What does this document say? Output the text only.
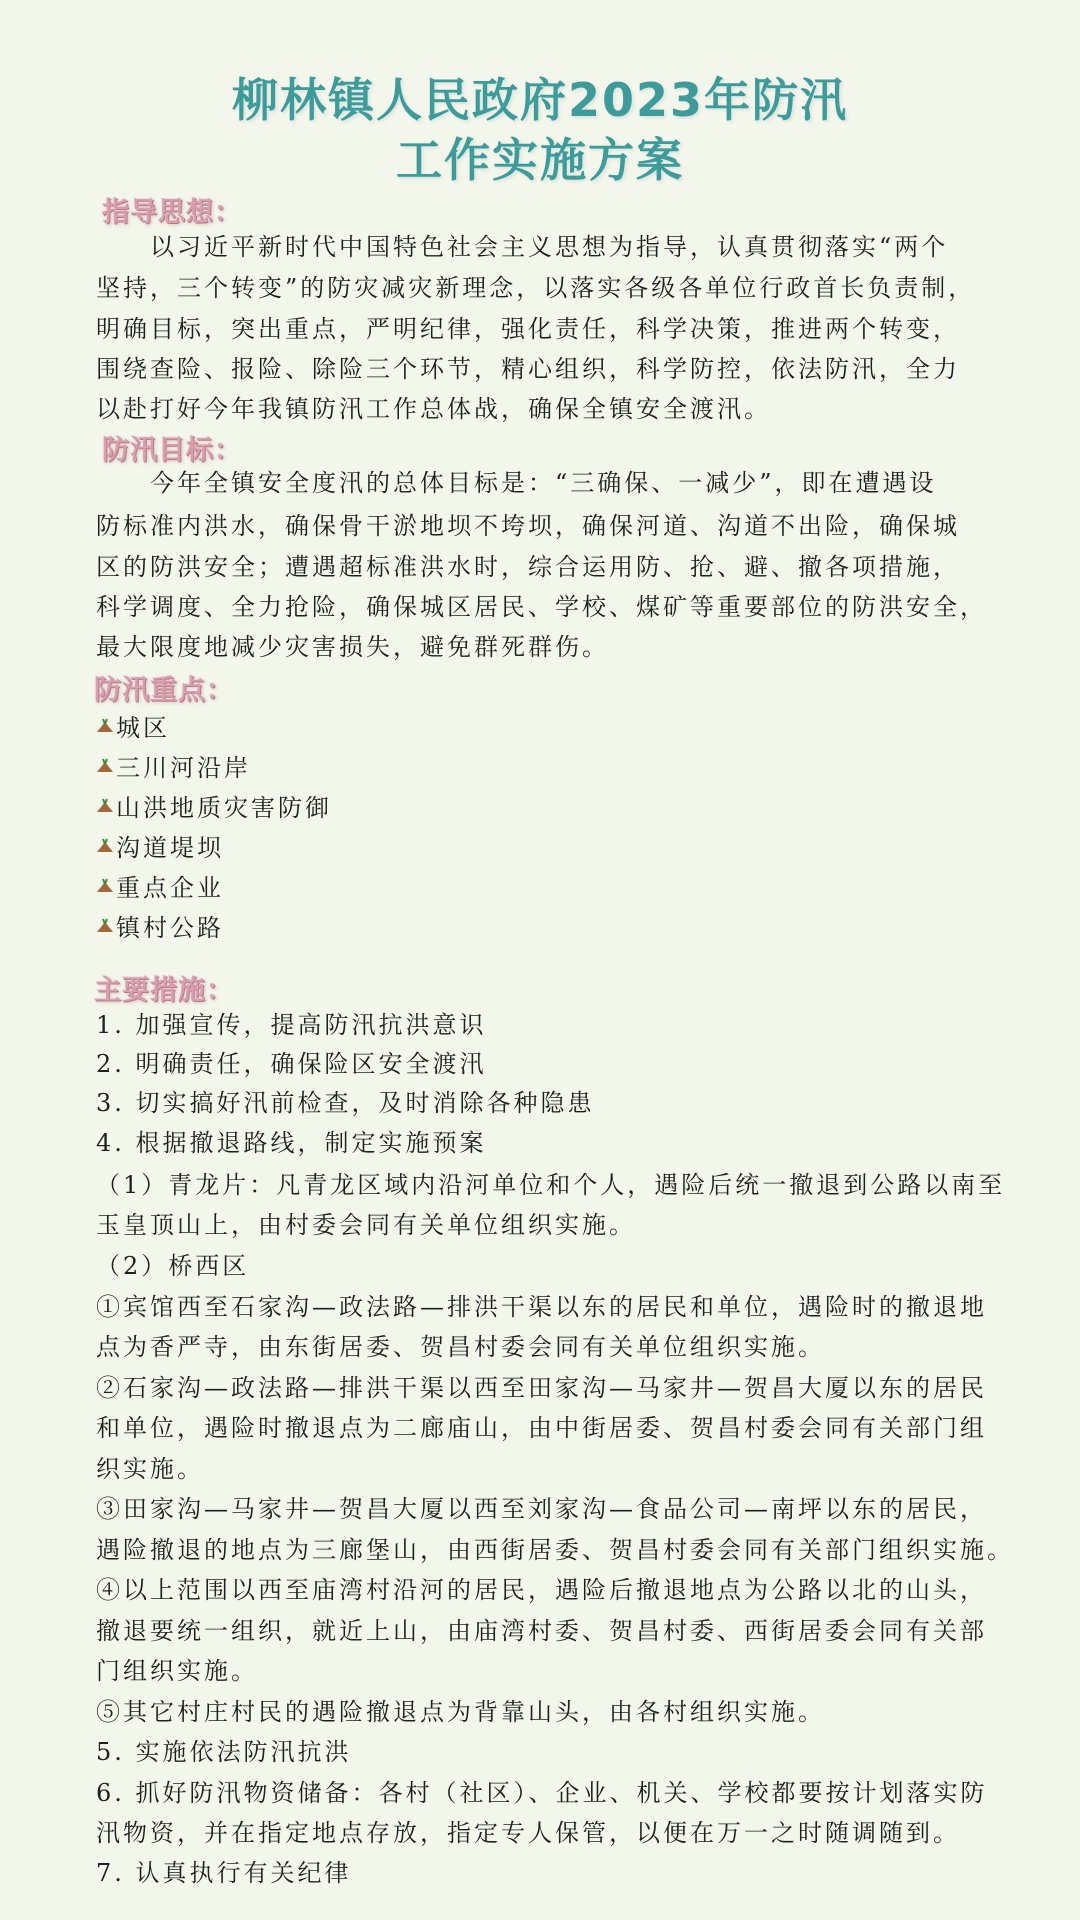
柳林镇人民政府2023年防汛
工作实施方案
指导思想：
以习近平新时代中国特色社会主义思想为指导，认真贯彻落实“两个
坚持，三个转变”的防灾减灾新理念，以落实各级各单位行政首长负责制，
明确目标，突出重点，严明纪律，强化责任，科学决策，推进两个转变，
围绕查险、报险、除险三个环节，精心组织，科学防控，依法防汛，全力
以赴打好今年我镇防汛工作总体战，确保全镇安全渡汛。
防汛目标：
今年全镇安全度汛的总体目标是：“三确保、一减少”，即在遭遇设
防标准内洪水，确保骨干淤地坝不垮坝，确保河道、沟道不出险，确保城
区的防洪安全；遭遇超标准洪水时，综合运用防、抢、避、撤各项措施，
科学调度、全力抢险，确保城区居民、学校、煤矿等重要部位的防洪安全，
最大限度地减少灾害损失，避免群死群伤。
防汛重点：
城区
三川河沿岸
山洪地质灾害防御
沟道堤坝
重点企业
镇村公路
主要措施：
1. 加强宣传，提高防汛抗洪意识
2. 明确责任，确保险区安全渡汛
3. 切实搞好汛前检查，及时消除各种隐患
4. 根据撤退路线，制定实施预案
（1）青龙片：凡青龙区域内沿河单位和个人，遇险后统一撤退到公路以南至
玉皇顶山上，由村委会同有关单位组织实施。
（2）桥西区
①宾馆西至石家沟—政法路—排洪干渠以东的居民和单位，遇险时的撤退地
点为香严寺，由东街居委、贺昌村委会同有关单位组织实施。
②石家沟—政法路—排洪干渠以西至田家沟—马家井—贺昌大厦以东的居民
和单位，遇险时撤退点为二廊庙山，由中街居委、贺昌村委会同有关部门组
织实施。
③田家沟—马家井—贺昌大厦以西至刘家沟—食品公司—南坪以东的居民，
遇险撤退的地点为三廊堡山，由西街居委、贺昌村委会同有关部门组织实施。
④以上范围以西至庙湾村沿河的居民，遇险后撤退地点为公路以北的山头，
撤退要统一组织，就近上山，由庙湾村委、贺昌村委、西街居委会同有关部
门组织实施。
⑤其它村庄村民的遇险撤退点为背靠山头，由各村组织实施。
5. 实施依法防汛抗洪
6. 抓好防汛物资储备：各村（社区）、企业、机关、学校都要按计划落实防
汛物资，并在指定地点存放，指定专人保管，以便在万一之时随调随到。
7. 认真执行有关纪律
